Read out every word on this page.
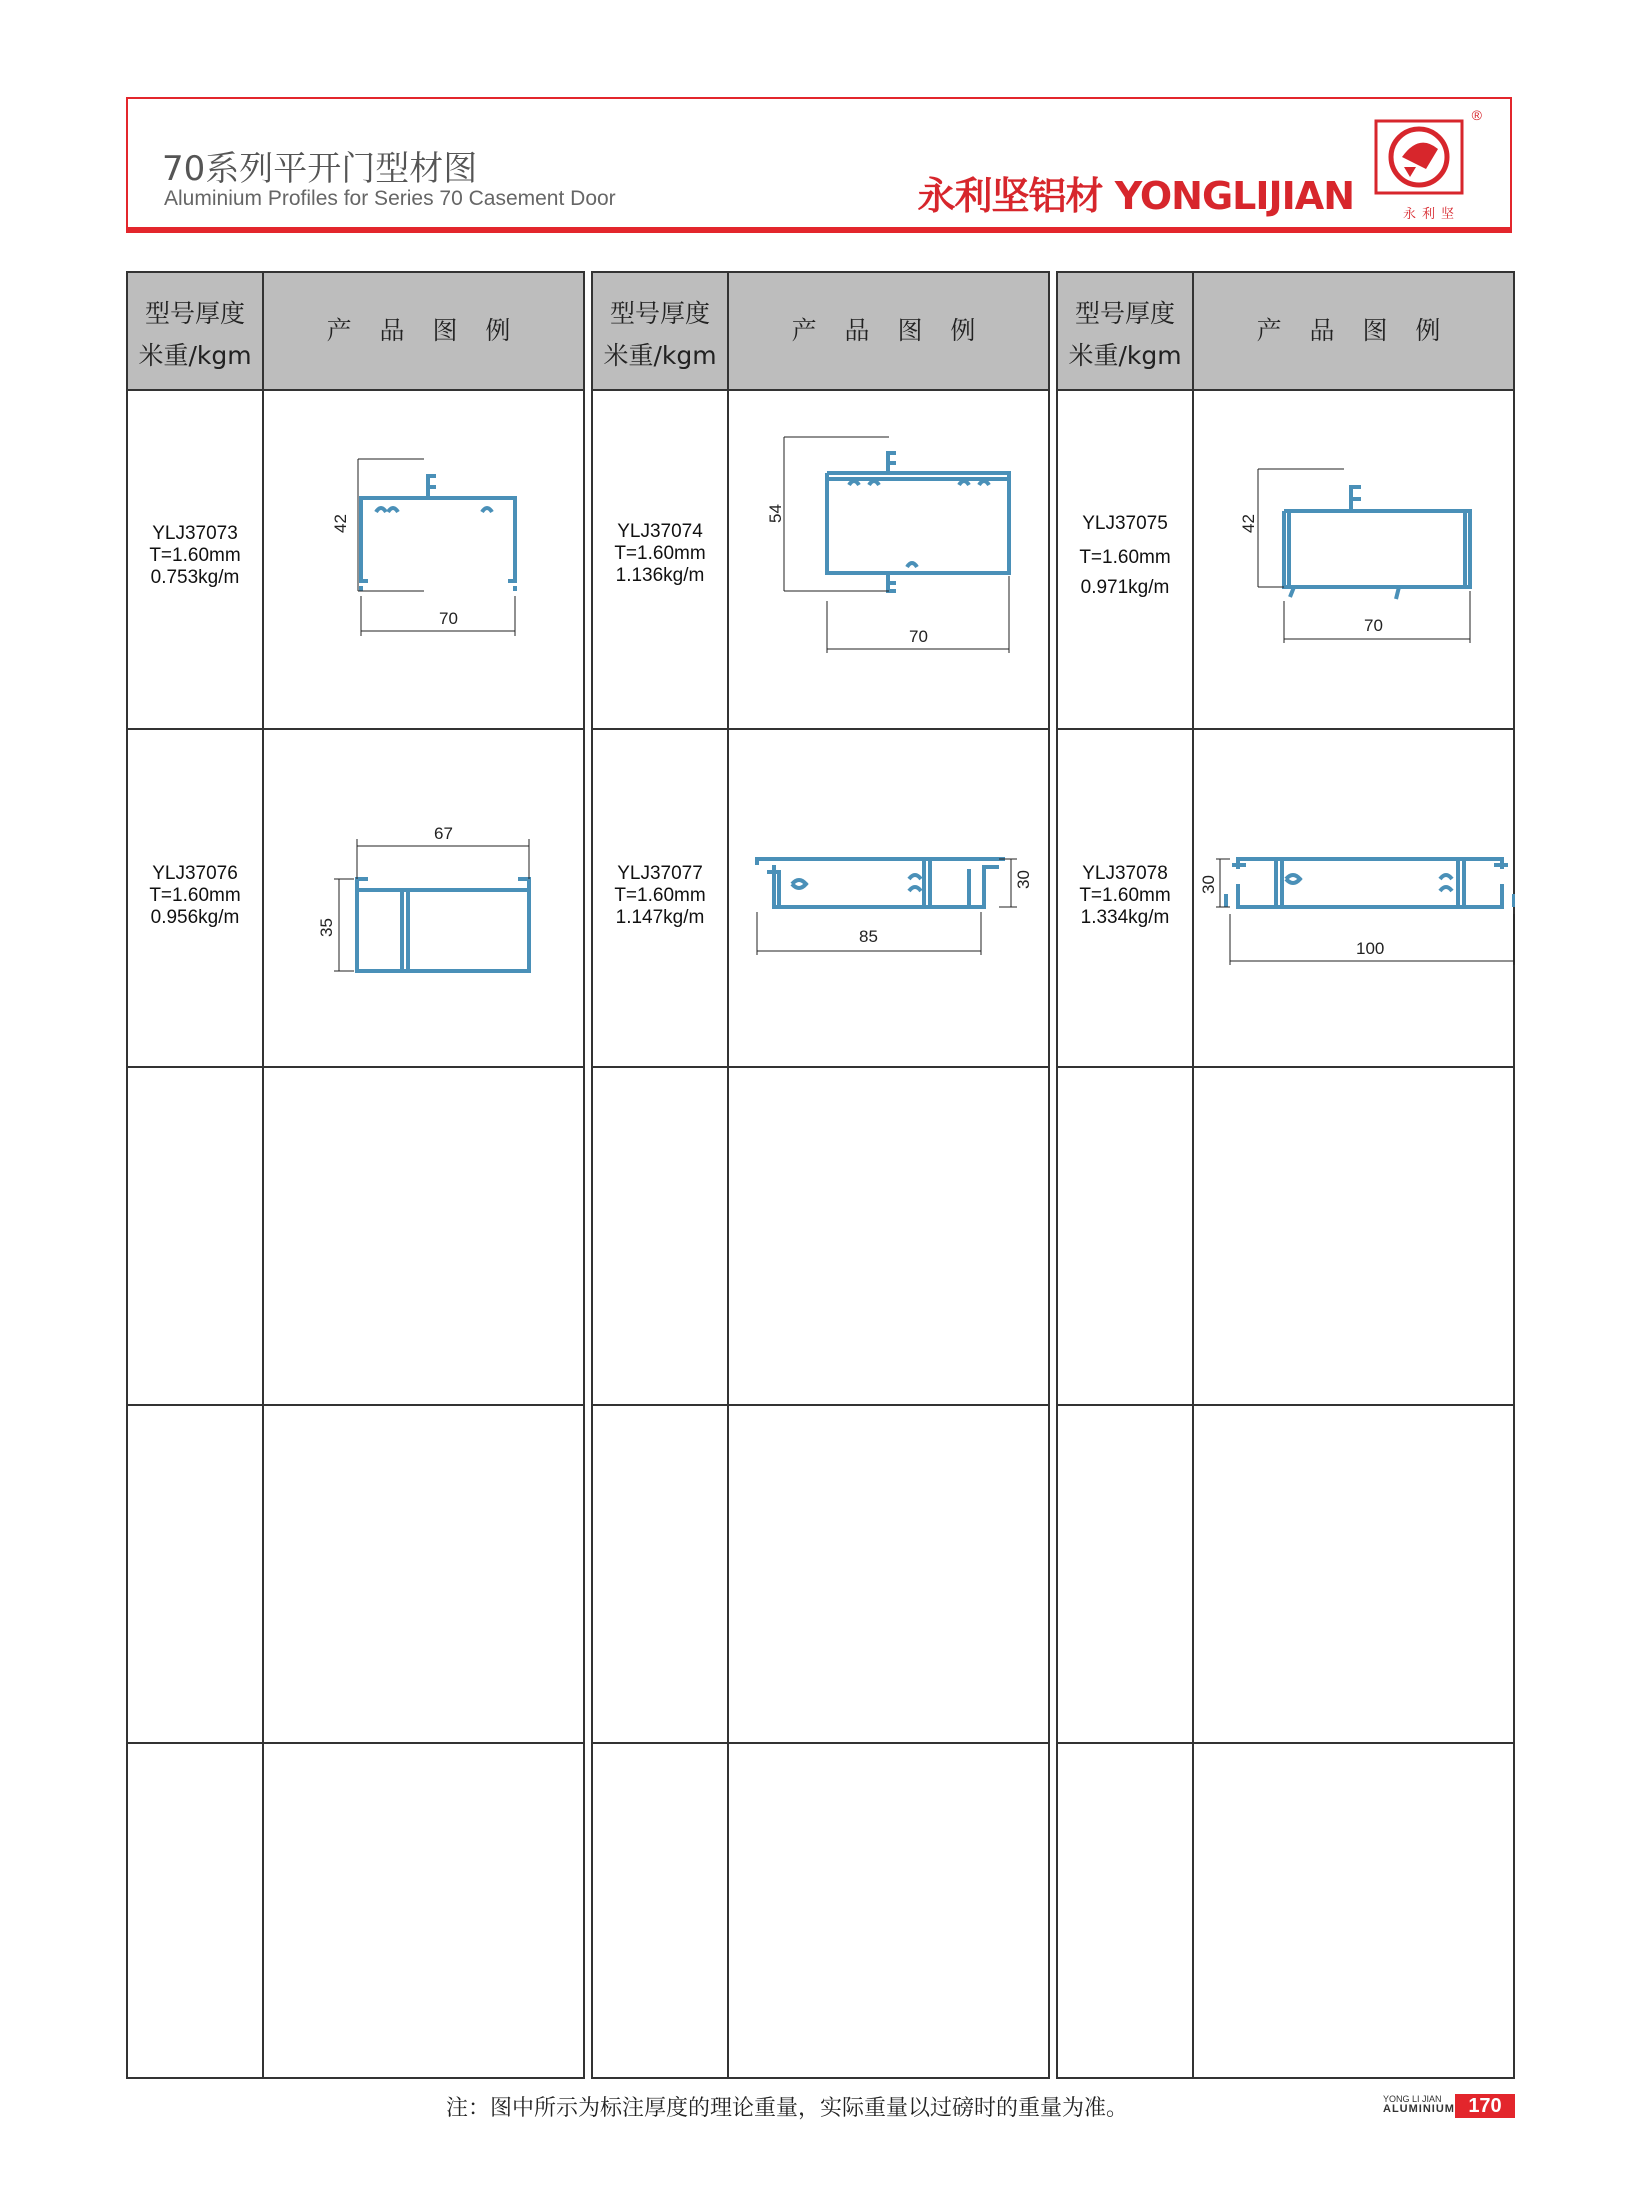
70系列平开门型材图
Aluminium Profiles for Series 70 Casement Door	永利坚铝材 YONGLIJIAN
®
永利坚
型号厚度
米重/kgm
产 品 图 例
YLJ37073
T=1.60mm
0.753kg/m
70
42
YLJ37076
T=1.60mm
0.956kg/m
67
35
型号厚度
米重/kgm
产 品 图 例
YLJ37074
T=1.60mm
1.136kg/m
70
54
YLJ37077
T=1.60mm
1.147kg/m
85
30
型号厚度
米重/kgm
产 品 图 例
YLJ37075
T=1.60mm
0.971kg/m
70
42
YLJ37078
T=1.60mm
1.334kg/m
100
30
注：图中所示为标注厚度的理论重量，实际重量以过磅时的重量为准。	YONG LI JIAN
ALUMINIUM 170
